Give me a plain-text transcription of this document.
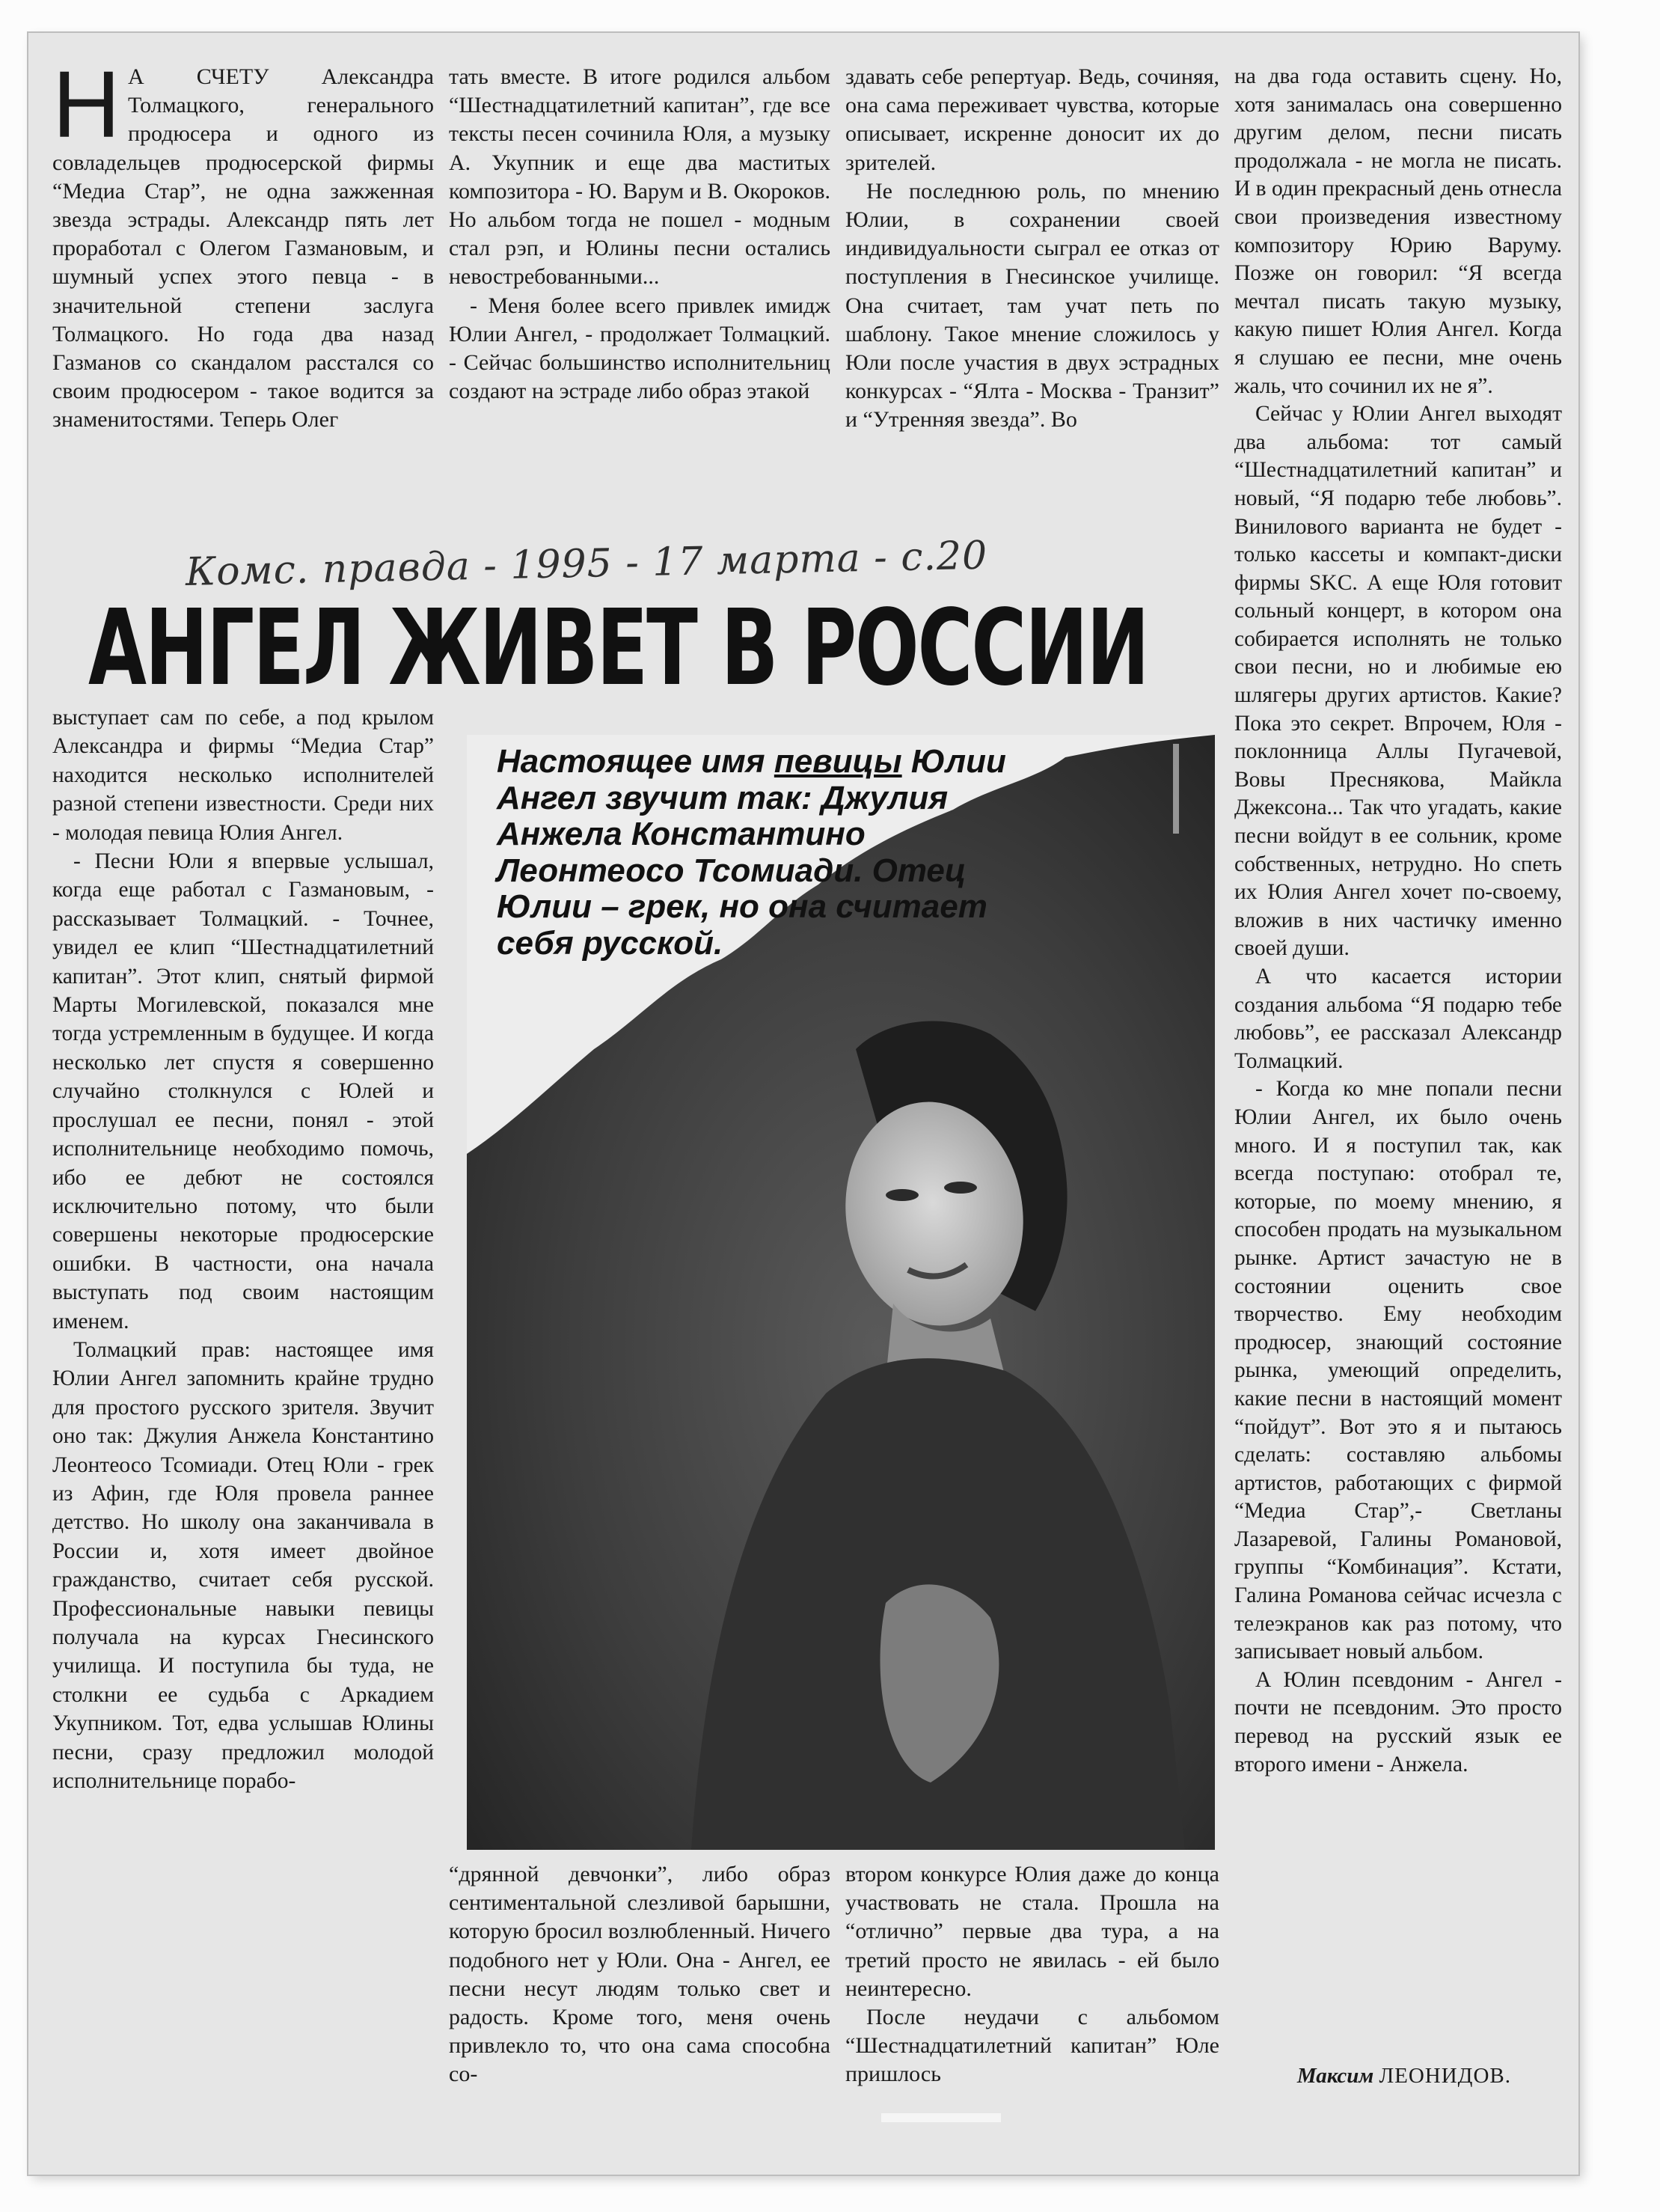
Н А СЧЕТУ Александра Толмацкого, генерального продюсера и одного из совладельцев продюсерской фирмы “Медиа Стар”, не одна зажженная звезда эстрады. Александр пять лет проработал с Олегом Газмановым, и шумный успех этого певца - в значительной степени заслуга Толмацкого. Но года два назад Газманов со скандалом расстался со своим продюсером - такое водится за знаменитостями. Теперь Олег

тать вместе. В итоге родился альбом “Шестнадцатилетний капитан”, где все тексты песен сочинила Юля, а музыку А. Укупник и еще два маститых композитора - Ю. Варум и В. Окороков. Но альбом тогда не пошел - модным стал рэп, и Юлины песни остались невостребованными...

- Меня более всего привлек имидж Юлии Ангел, - продолжает Толмацкий. - Сейчас большинство исполнительниц создают на эстраде либо образ этакой

здавать себе репертуар. Ведь, сочиняя, она сама переживает чувства, которые описывает, искренне доносит их до зрителей.

Не последнюю роль, по мнению Юлии, в сохранении своей индивидуальности сыграл ее отказ от поступления в Гнесинское училище. Она считает, там учат петь по шаблону. Такое мнение сложилось у Юли после участия в двух эстрадных конкурсах - “Ялта - Москва - Транзит” и “Утренняя звезда”. Во

Комс. правда - 1995 - 17 марта - с.20
АНГЕЛ ЖИВЕТ В РОССИИ

на два года оставить сцену. Но, хотя занималась она совершенно другим делом, песни писать продолжала - не могла не писать. И в один прекрасный день отнесла свои произведения известному композитору Юрию Варуму. Позже он говорил: “Я всегда мечтал писать такую музыку, какую пишет Юлия Ангел. Когда я слушаю ее песни, мне очень жаль, что сочинил их не я”.

Сейчас у Юлии Ангел выходят два альбома: тот самый “Шестнадцатилетний капитан” и новый, “Я подарю тебе любовь”. Винилового варианта не будет - только кассеты и компакт-диски фирмы SKC. А еще Юля готовит сольный концерт, в котором она собирается исполнять не только свои песни, но и любимые ею шлягеры других артистов. Какие? Пока это секрет. Впрочем, Юля - поклонница Аллы Пугачевой, Вовы Преснякова, Майкла Джексона... Так что угадать, какие песни войдут в ее сольник, кроме собственных, нетрудно. Но спеть их Юлия Ангел хочет по-своему, вложив в них частичку именно своей души.

А что касается истории создания альбома “Я подарю тебе любовь”, ее рассказал Александр Толмацкий.

- Когда ко мне попали песни Юлии Ангел, их было очень много. И я поступил так, как всегда поступаю: отобрал те, которые, по моему мнению, я способен продать на музыкальном рынке. Артист зачастую не в состоянии оценить свое творчество. Ему необходим продюсер, знающий состояние рынка, умеющий определить, какие песни в настоящий момент “пойдут”. Вот это я и пытаюсь сделать: составляю альбомы артистов, работающих с фирмой “Медиа Стар”,- Светланы Лазаревой, Галины Романовой, группы “Комбинация”. Кстати, Галина Романова сейчас исчезла с телеэкранов как раз потому, что записывает новый альбом.

А Юлин псевдоним - Ангел - почти не псевдоним. Это просто перевод на русский язык ее второго имени - Анжела.

выступает сам по себе, а под крылом Александра и фирмы “Медиа Стар” находится несколько исполнителей разной степени известности. Среди них - молодая певица Юлия Ангел.

- Песни Юли я впервые услышал, когда еще работал с Газмановым, - рассказывает Толмацкий. - Точнее, увидел ее клип “Шестнадцатилетний капитан”. Этот клип, снятый фирмой Марты Могилевской, показался мне тогда устремленным в будущее. И когда несколько лет спустя я совершенно случайно столкнулся с Юлей и прослушал ее песни, понял - этой исполнительнице необходимо помочь, ибо ее дебют не состоялся исключительно потому, что были совершены некоторые продюсерские ошибки. В частности, она начала выступать под своим настоящим именем.

Толмацкий прав: настоящее имя Юлии Ангел запомнить крайне трудно для простого русского зрителя. Звучит оно так: Джулия Анжела Константино Леонтеосо Тсомиади. Отец Юли - грек из Афин, где Юля провела раннее детство. Но школу она заканчивала в России и, хотя имеет двойное гражданство, считает себя русской. Профессиональные навыки певицы получала на курсах Гнесинского училища. И поступила бы туда, не столкни ее судьба с Аркадием Укупником. Тот, едва услышав Юлины песни, сразу предложил молодой исполнительнице порабо-

Настоящее имя певицы Юлии Ангел звучит так: Джулия Анжела Константино Леонтеосо Тсомиади. Отец Юлии – грек, но она считает себя русской.

“дрянной девчонки”, либо образ сентиментальной слезливой барышни, которую бросил возлюбленный. Ничего подобного нет у Юли. Она - Ангел, ее песни несут людям только свет и радость. Кроме того, меня очень привлекло то, что она сама способна со-

втором конкурсе Юлия даже до конца участвовать не стала. Прошла на “отлично” первые два тура, а на третий просто не явилась - ей было неинтересно.

После неудачи с альбомом “Шестнадцатилетний капитан” Юле пришлось	Максим ЛЕОНИДОВ.
